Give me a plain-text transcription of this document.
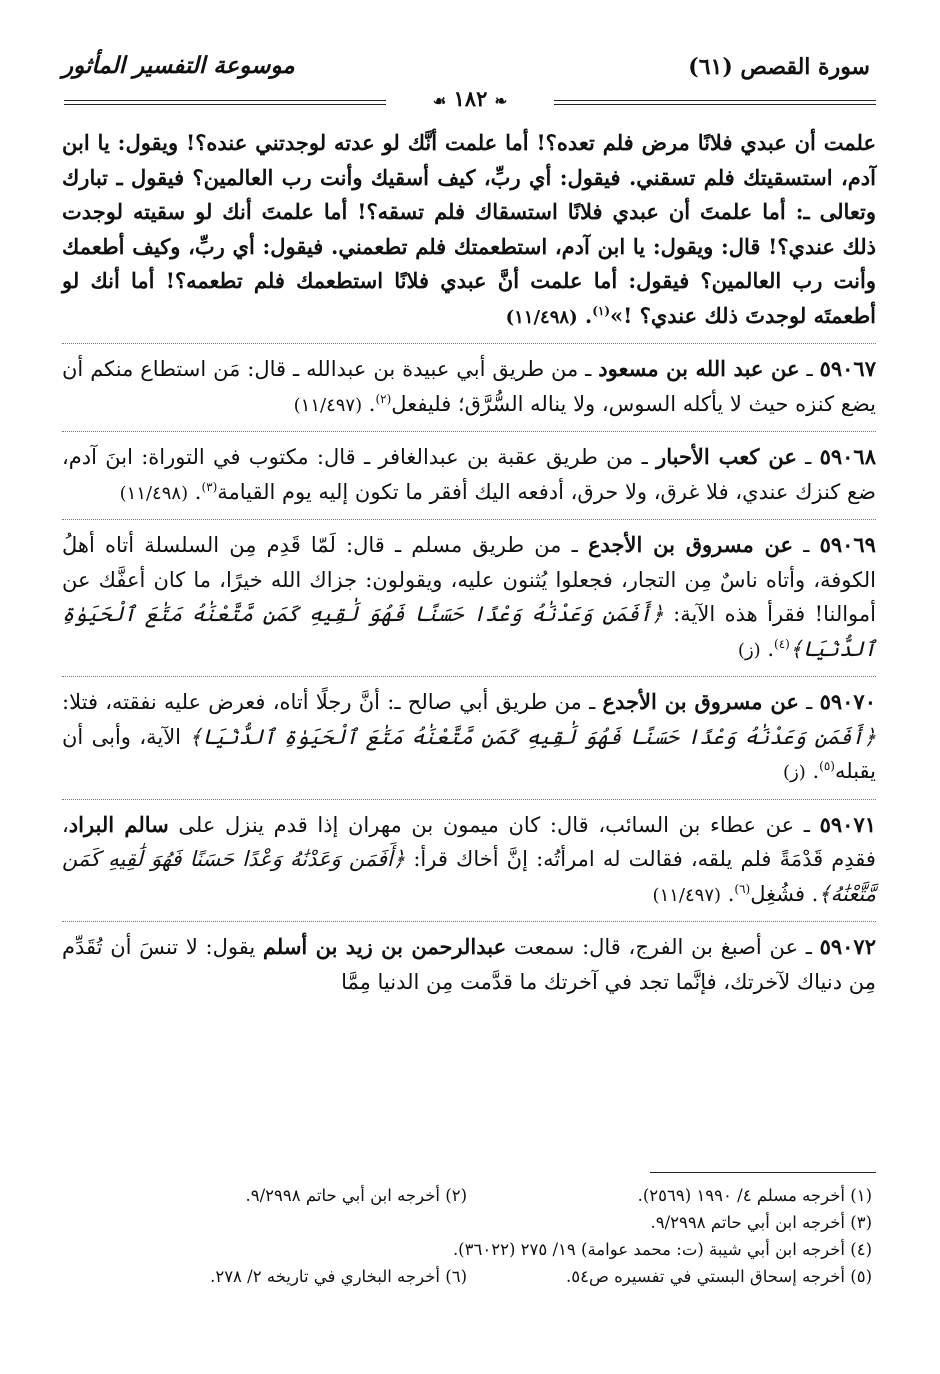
سورة القصص (٦١)
موسوعة التفسير المأثور
❧ ١٨٢ ☙

علمت أن عبدي فلانًا مرض فلم تعده؟! أما علمت أنَّك لو عدته لوجدتني عنده؟! ويقول: يا ابن آدم، استسقيتك فلم تسقني. فيقول: أي ربِّ، كيف أسقيك وأنت رب العالمين؟ فيقول ـ تبارك وتعالى ـ: أما علمتَ أن عبدي فلانًا استسقاك فلم تسقه؟! أما علمتَ أنك لو سقيته لوجدت ذلك عندي؟! قال: ويقول: يا ابن آدم، استطعمتك فلم تطعمني. فيقول: أي ربِّ، وكيف أطعمك وأنت رب العالمين؟ فيقول: أما علمت أنَّ عبدي فلانًا استطعمك فلم تطعمه؟! أما أنك لو أطعمتَه لوجدتَ ذلك عندي؟ !»$^{(١)}$. (١١/٤٩٨)

٥٩٠٦٧ ـ عن عبد الله بن مسعود ـ من طريق أبي عبيدة بن عبدالله ـ قال: مَن استطاع منكم أن يضع كنزه حيث لا يأكله السوس، ولا يناله السُّرَّق؛ فليفعل$^{(٢)}$. (١١/٤٩٧)

٥٩٠٦٨ ـ عن كعب الأحبار ـ من طريق عقبة بن عبدالغافر ـ قال: مكتوب في التوراة: ابنَ آدم، ضع كنزك عندي، فلا غرق، ولا حرق، أدفعه اليك أفقر ما تكون إليه يوم القيامة$^{(٣)}$. (١١/٤٩٨)

٥٩٠٦٩ ـ عن مسروق بن الأجدع ـ من طريق مسلم ـ قال: لَمّا قَدِم مِن السلسلة أتاه أهلُ الكوفة، وأتاه ناسٌ مِن التجار، فجعلوا يُثنون عليه، ويقولون: جزاك الله خيرًا، ما كان أعفَّك عن أموالنا! فقرأ هذه الآية: ﴿أَفَمَن وَعَدْنَٰهُ وَعْدًا حَسَنًا فَهُوَ لَٰقِيهِ كَمَن مَّتَّعْنَٰهُ مَتَٰعَ ٱلْحَيَوٰةِ ٱلدُّنْيَا﴾$^{(٤)}$. (ز)

٥٩٠٧٠ ـ عن مسروق بن الأجدع ـ من طريق أبي صالح ـ: أنَّ رجلًا أتاه، فعرض عليه نفقته، فتلا: ﴿أَفَمَن وَعَدْنَٰهُ وَعْدًا حَسَنًا فَهُوَ لَٰقِيهِ كَمَن مَّتَّعْنَٰهُ مَتَٰعَ ٱلْحَيَوٰةِ ٱلدُّنْيَا﴾ الآية، وأبى أن يقبله$^{(٥)}$. (ز)

٥٩٠٧١ ـ عن عطاء بن السائب، قال: كان ميمون بن مهران إذا قدم ينزل على سالم البراد، فقدِم قَدْمَةً فلم يلقه، فقالت له امرأتُه: إنَّ أخاك قرأ: ﴿أَفَمَن وَعَدْنَٰهُ وَعْدًا حَسَنًا فَهُوَ لَٰقِيهِ كَمَن مَّتَّعْنَٰهُ﴾. فشُغِل$^{(٦)}$. (١١/٤٩٧)

٥٩٠٧٢ ـ عن أصبغ بن الفرج، قال: سمعت عبدالرحمن بن زيد بن أسلم يقول: لا تنسَ أن تُقَدِّم مِن دنياك لآخرتك، فإنَّما تجد في آخرتك ما قدَّمت مِن الدنيا مِمَّا

(١) أخرجه مسلم ٤/ ١٩٩٠ (٢٥٦٩).
(٢) أخرجه ابن أبي حاتم ٩/٢٩٩٨.
(٣) أخرجه ابن أبي حاتم ٩/٢٩٩٨.
(٤) أخرجه ابن أبي شيبة (ت: محمد عوامة) ١٩/ ٢٧٥ (٣٦٠٢٢).
(٥) أخرجه إسحاق البستي في تفسيره ص٥٤.
(٦) أخرجه البخاري في تاريخه ٢/ ٢٧٨.
